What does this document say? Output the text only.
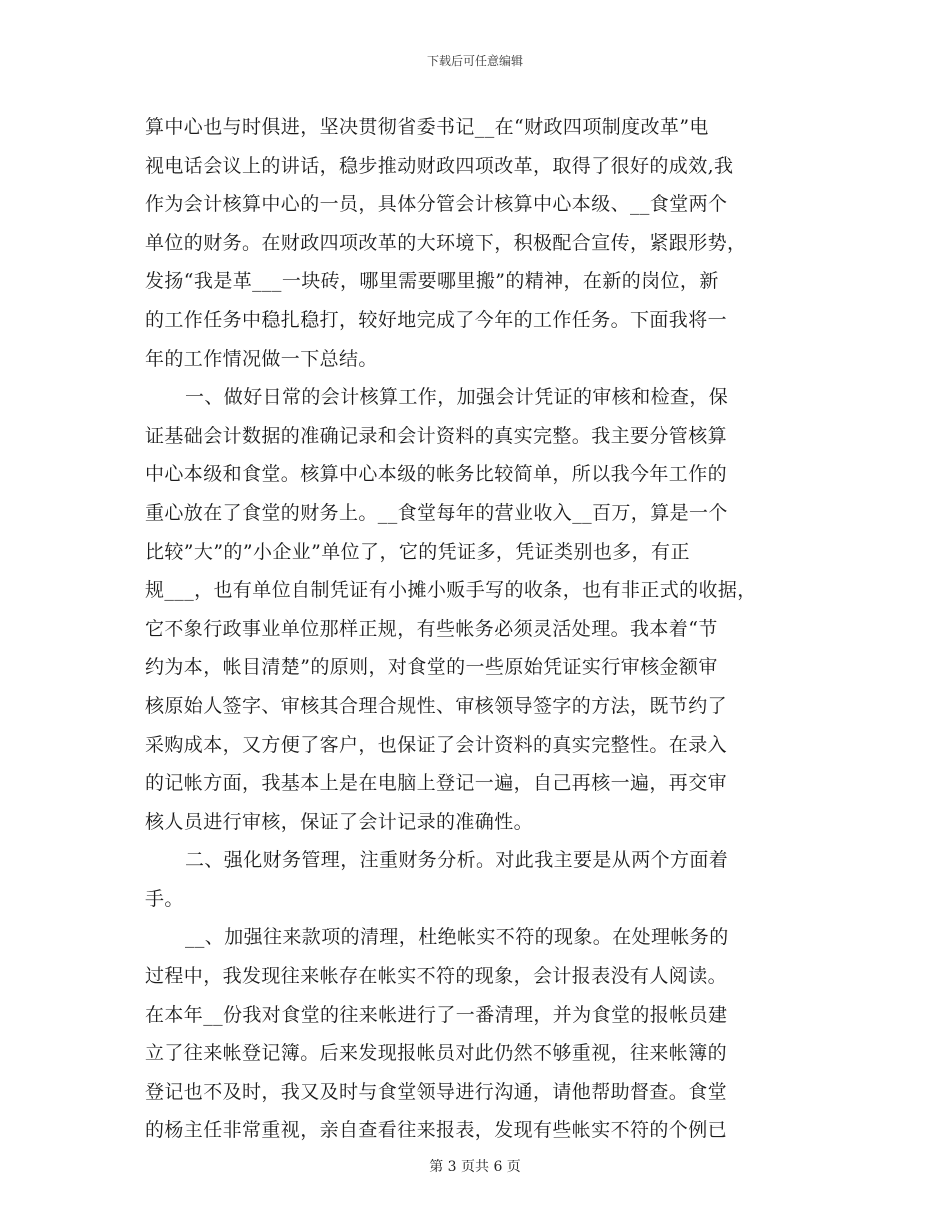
下载后可任意编辑
算中心也与时俱进，坚决贯彻省委书记__在“财政四项制度改革”电
视电话会议上的讲话，稳步推动财政四项改革，取得了很好的成效,我
作为会计核算中心的一员，具体分管会计核算中心本级、__食堂两个
单位的财务。在财政四项改革的大环境下，积极配合宣传，紧跟形势，
发扬“我是革___一块砖，哪里需要哪里搬”的精神，在新的岗位，新
的工作任务中稳扎稳打，较好地完成了今年的工作任务。下面我将一
年的工作情况做一下总结。
一、做好日常的会计核算工作，加强会计凭证的审核和检查，保
证基础会计数据的准确记录和会计资料的真实完整。我主要分管核算
中心本级和食堂。核算中心本级的帐务比较简单，所以我今年工作的
重心放在了食堂的财务上。__食堂每年的营业收入__百万，算是一个
比较”大”的”小企业”单位了，它的凭证多，凭证类别也多，有正
规___，也有单位自制凭证有小摊小贩手写的收条，也有非正式的收据，
它不象行政事业单位那样正规，有些帐务必须灵活处理。我本着“节
约为本，帐目清楚”的原则，对食堂的一些原始凭证实行审核金额审
核原始人签字、审核其合理合规性、审核领导签字的方法，既节约了
采购成本，又方便了客户，也保证了会计资料的真实完整性。在录入
的记帐方面，我基本上是在电脑上登记一遍，自己再核一遍，再交审
核人员进行审核，保证了会计记录的准确性。
二、强化财务管理，注重财务分析。对此我主要是从两个方面着
手。
__、加强往来款项的清理，杜绝帐实不符的现象。在处理帐务的
过程中，我发现往来帐存在帐实不符的现象，会计报表没有人阅读。
在本年__份我对食堂的往来帐进行了一番清理，并为食堂的报帐员建
立了往来帐登记簿。后来发现报帐员对此仍然不够重视，往来帐簿的
登记也不及时，我又及时与食堂领导进行沟通，请他帮助督查。食堂
的杨主任非常重视，亲自查看往来报表，发现有些帐实不符的个例已
第 3 页共 6 页
